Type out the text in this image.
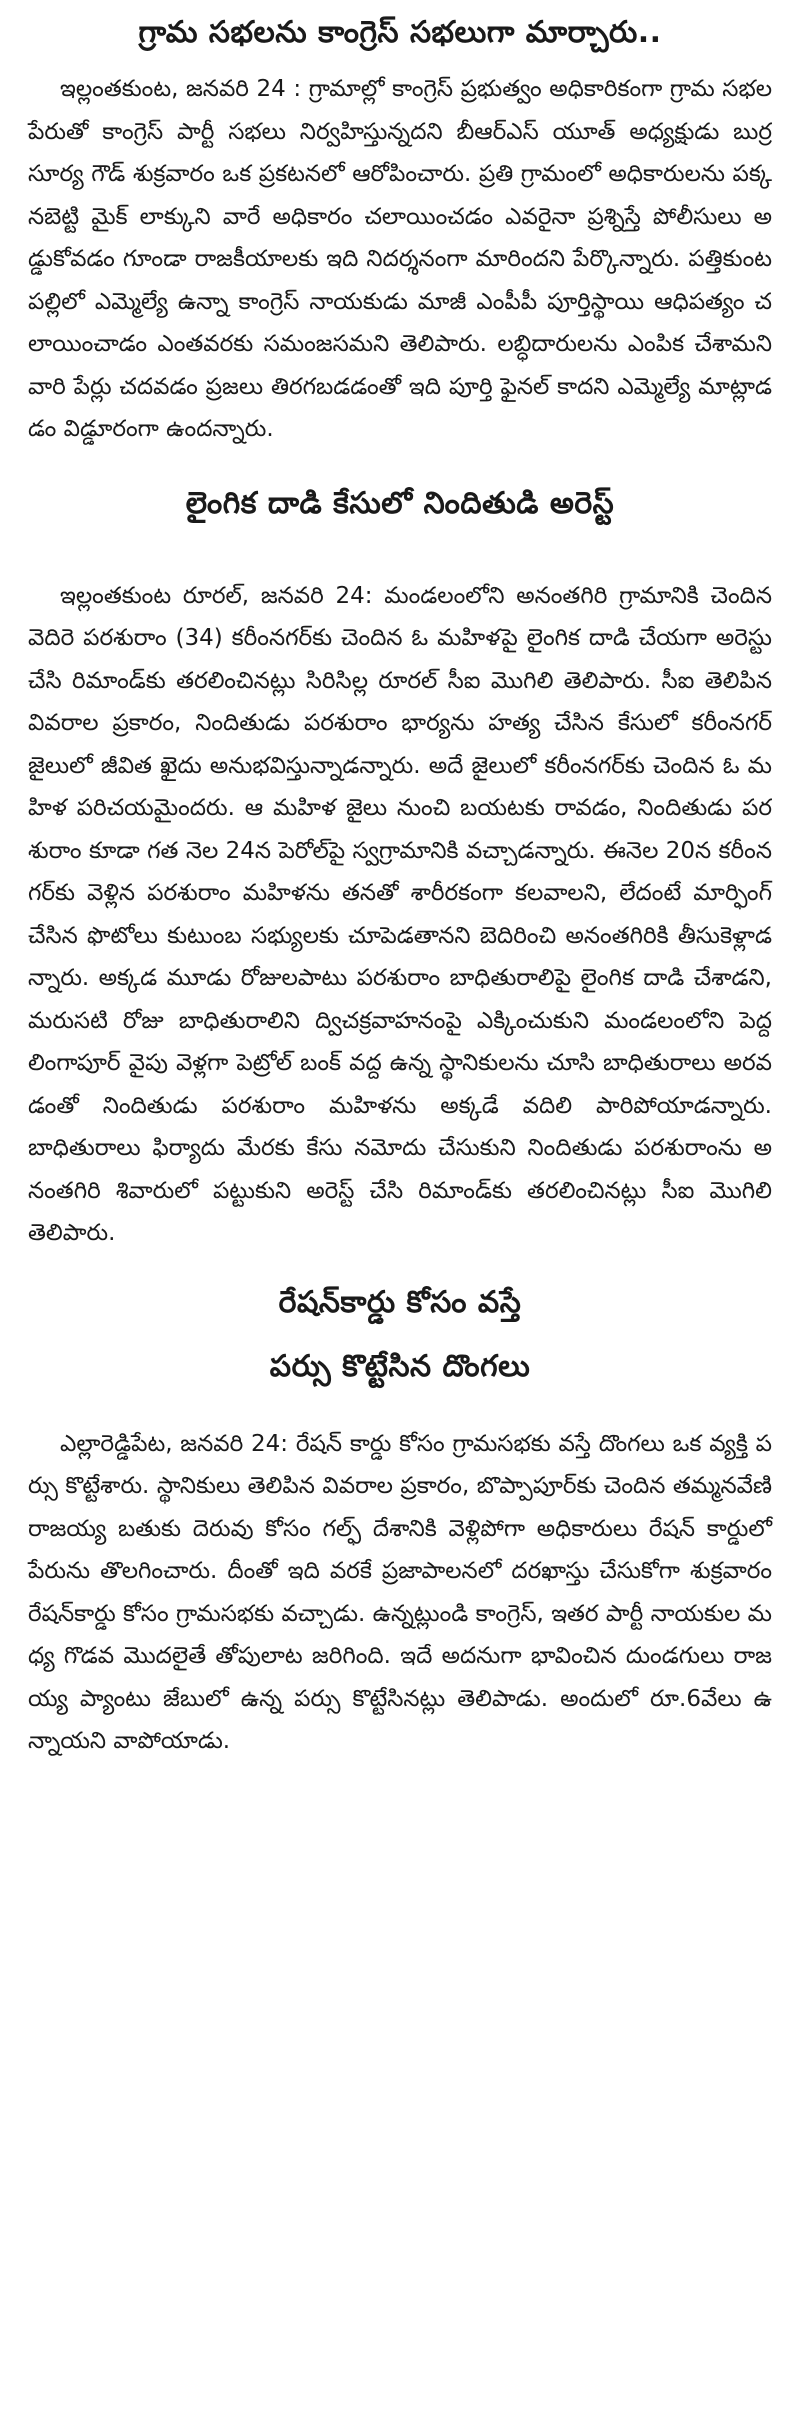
గ్రామ సభలను కాంగ్రెస్‌ సభలుగా మార్చారు..

ఇల్లంతకుంట, జనవరి 24 : గ్రామాల్లో కాంగ్రెస్‌ ప్రభుత్వం అధికారికంగా గ్రామ సభల పేరుతో కాంగ్రెస్‌ పార్టీ సభలు నిర్వహిస్తున్నదని బీఆర్‌ఎస్‌ యూత్‌ అధ్యక్షుడు బుర్ర సూర్య గౌడ్‌ శుక్రవారం ఒక ప్రకటనలో ఆరోపించారు. ప్రతి గ్రామంలో అధికారులను పక్కనబెట్టి మైక్‌ లాక్కుని వారే అధికారం చలాయించడం ఎవరైనా ప్రశ్నిస్తే పోలీసులు అడ్డుకోవడం గూండా రాజకీయాలకు ఇది నిదర్శనంగా మారిందని పేర్కొన్నారు. పత్తికుంటపల్లిలో ఎమ్మెల్యే ఉన్నా కాంగ్రెస్‌ నాయకుడు మాజీ ఎంపీపీ పూర్తిస్థాయి ఆధిపత్యం చలాయించాడం ఎంతవరకు సమంజసమని తెలిపారు. లబ్ధిదారులను ఎంపిక చేశామని వారి పేర్లు చదవడం ప్రజలు తిరగబడడంతో ఇది పూర్తి ఫైనల్‌ కాదని ఎమ్మెల్యే మాట్లాడడం విడ్డూరంగా ఉందన్నారు.

లైంగిక దాడి కేసులో నిందితుడి అరెస్ట్‌

ఇల్లంతకుంట రూరల్‌, జనవరి 24: మండలంలోని అనంతగిరి గ్రామానికి చెందిన వెదిరె పరశురాం (34) కరీంనగర్‌కు చెందిన ఓ మహిళపై లైంగిక దాడి చేయగా అరెస్టు చేసి రిమాండ్‌కు తరలించినట్లు సిరిసిల్ల రూరల్‌ సీఐ మొగిలి తెలిపారు. సీఐ తెలిపిన వివరాల ప్రకారం, నిందితుడు పరశురాం భార్యను హత్య చేసిన కేసులో కరీంనగర్‌ జైలులో జీవిత ఖైదు అనుభవిస్తున్నాడన్నారు. అదే జైలులో కరీంనగర్‌కు చెందిన ఓ మహిళ పరిచయమైందరు. ఆ మహిళ జైలు నుంచి బయటకు రావడం, నిందితుడు పరశురాం కూడా గత నెల 24న పెరోల్‌పై స్వగ్రామానికి వచ్చాడన్నారు. ఈనెల 20న కరీంనగర్‌కు వెళ్లిన పరశురాం మహిళను తనతో శారీరకంగా కలవాలని, లేదంటే మార్ఫింగ్‌ చేసిన ఫొటోలు కుటుంబ సభ్యులకు చూపెడతానని బెదిరించి అనంతగిరికి తీసుకెళ్లాడన్నారు. అక్కడ మూడు రోజులపాటు పరశురాం బాధితురాలిపై లైంగిక దాడి చేశాడని, మరుసటి రోజు బాధితురాలిని ద్విచక్రవాహనంపై ఎక్కించుకుని మండలంలోని పెద్దలింగాపూర్‌ వైపు వెళ్లగా పెట్రోల్‌ బంక్‌ వద్ద ఉన్న స్థానికులను చూసి బాధితురాలు అరవడంతో నిందితుడు పరశురాం మహిళను అక్కడే వదిలి పారిపోయాడన్నారు. బాధితురాలు ఫిర్యాదు మేరకు కేసు నమోదు చేసుకుని నిందితుడు పరశురాంను అనంతగిరి శివారులో పట్టుకుని అరెస్ట్‌ చేసి రిమాండ్‌కు తరలించినట్లు సీఐ మొగిలి తెలిపారు.

రేషన్‌కార్డు కోసం వస్తే
పర్సు కొట్టేసిన దొంగలు

ఎల్లారెడ్డిపేట, జనవరి 24: రేషన్‌ కార్డు కోసం గ్రామసభకు వస్తే దొంగలు ఒక వ్యక్తి పర్సు కొట్టేశారు. స్థానికులు తెలిపిన వివరాల ప్రకారం, బొప్పాపూర్‌కు చెందిన తమ్మనవేణి రాజయ్య బతుకు దెరువు కోసం గల్ఫ్‌ దేశానికి వెళ్లిపోగా అధికారులు రేషన్‌ కార్డులో పేరును తొలగించారు. దీంతో ఇది వరకే ప్రజాపాలనలో దరఖాస్తు చేసుకోగా శుక్రవారం రేషన్‌కార్డు కోసం గ్రామసభకు వచ్చాడు. ఉన్నట్లుండి కాంగ్రెస్‌, ఇతర పార్టీ నాయకుల మధ్య గొడవ మొదలైతే తోపులాట జరిగింది. ఇదే అదనుగా భావించిన దుండగులు రాజయ్య ప్యాంటు జేబులో ఉన్న పర్సు కొట్టేసినట్లు తెలిపాడు. అందులో రూ.6వేలు ఉన్నాయని వాపోయాడు.
